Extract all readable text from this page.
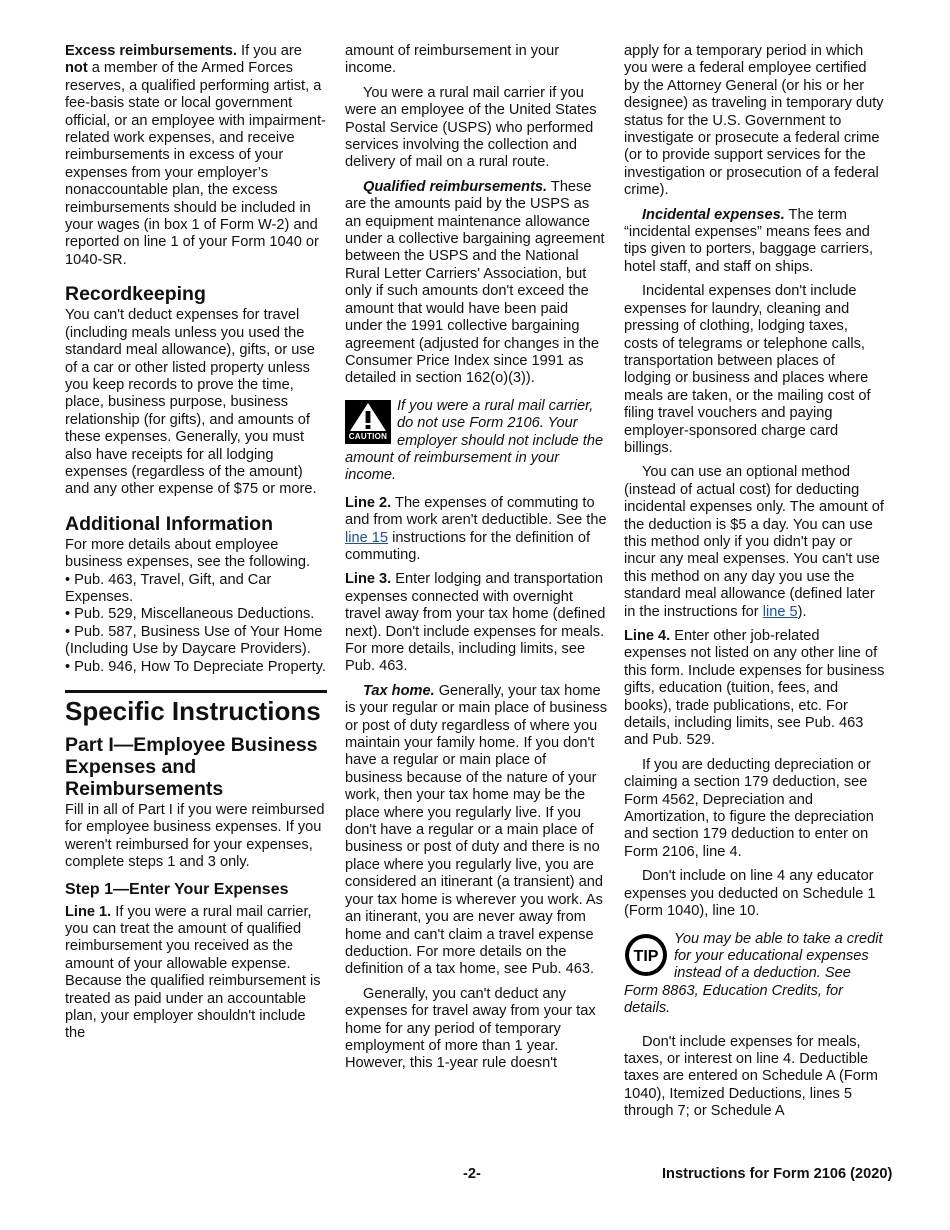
Excess reimbursements. If you are not a member of the Armed Forces reserves, a qualified performing artist, a fee-basis state or local government official, or an employee with impairment-related work expenses, and receive reimbursements in excess of your expenses from your employer’s nonaccountable plan, the excess reimbursements should be included in your wages (in box 1 of Form W-2) and reported on line 1 of your Form 1040 or 1040-SR.

Recordkeeping

You can't deduct expenses for travel (including meals unless you used the standard meal allowance), gifts, or use of a car or other listed property unless you keep records to prove the time, place, business purpose, business relationship (for gifts), and amounts of these expenses. Generally, you must also have receipts for all lodging expenses (regardless of the amount) and any other expense of $75 or more.

Additional Information

For more details about employee business expenses, see the following.

• Pub. 463, Travel, Gift, and Car Expenses.

• Pub. 529, Miscellaneous Deductions.

• Pub. 587, Business Use of Your Home (Including Use by Daycare Providers).

• Pub. 946, How To Depreciate Property.

Specific Instructions
Part I—Employee Business Expenses and Reimbursements

Fill in all of Part I if you were reimbursed for employee business expenses. If you weren't reimbursed for your expenses, complete steps 1 and 3 only.

Step 1—Enter Your Expenses

Line 1. If you were a rural mail carrier, you can treat the amount of qualified reimbursement you received as the amount of your allowable expense. Because the qualified reimbursement is treated as paid under an accountable plan, your employer shouldn't include the

amount of reimbursement in your income.

You were a rural mail carrier if you were an employee of the United States Postal Service (USPS) who performed services involving the collection and delivery of mail on a rural route.

Qualified reimbursements. These are the amounts paid by the USPS as an equipment maintenance allowance under a collective bargaining agreement between the USPS and the National Rural Letter Carriers' Association, but only if such amounts don't exceed the amount that would have been paid under the 1991 collective bargaining agreement (adjusted for changes in the Consumer Price Index since 1991 as detailed in section 162(o)(3)).

CAUTION
If you were a rural mail carrier, do not use Form 2106. Your employer should not include the amount of reimbursement in your income.

Line 2. The expenses of commuting to and from work aren't deductible. See the line 15 instructions for the definition of commuting.

Line 3. Enter lodging and transportation expenses connected with overnight travel away from your tax home (defined next). Don't include expenses for meals. For more details, including limits, see Pub. 463.

Tax home. Generally, your tax home is your regular or main place of business or post of duty regardless of where you maintain your family home. If you don't have a regular or main place of business because of the nature of your work, then your tax home may be the place where you regularly live. If you don't have a regular or a main place of business or post of duty and there is no place where you regularly live, you are considered an itinerant (a transient) and your tax home is wherever you work. As an itinerant, you are never away from home and can't claim a travel expense deduction. For more details on the definition of a tax home, see Pub. 463.

Generally, you can't deduct any expenses for travel away from your tax home for any period of temporary employment of more than 1 year. However, this 1-year rule doesn't

apply for a temporary period in which you were a federal employee certified by the Attorney General (or his or her designee) as traveling in temporary duty status for the U.S. Government to investigate or prosecute a federal crime (or to provide support services for the investigation or prosecution of a federal crime).

Incidental expenses. The term “incidental expenses” means fees and tips given to porters, baggage carriers, hotel staff, and staff on ships.

Incidental expenses don't include expenses for laundry, cleaning and pressing of clothing, lodging taxes, costs of telegrams or telephone calls, transportation between places of lodging or business and places where meals are taken, or the mailing cost of filing travel vouchers and paying employer-sponsored charge card billings.

You can use an optional method (instead of actual cost) for deducting incidental expenses only. The amount of the deduction is $5 a day. You can use this method only if you didn't pay or incur any meal expenses. You can't use this method on any day you use the standard meal allowance (defined later in the instructions for line 5).

Line 4. Enter other job-related expenses not listed on any other line of this form. Include expenses for business gifts, education (tuition, fees, and books), trade publications, etc. For details, including limits, see Pub. 463 and Pub. 529.

If you are deducting depreciation or claiming a section 179 deduction, see Form 4562, Depreciation and Amortization, to figure the depreciation and section 179 deduction to enter on Form 2106, line 4.

Don't include on line 4 any educator expenses you deducted on Schedule 1 (Form 1040), line 10.

TIP
You may be able to take a credit for your educational expenses instead of a deduction. See Form 8863, Education Credits, for details.

Don't include expenses for meals, taxes, or interest on line 4. Deductible taxes are entered on Schedule A (Form 1040), Itemized Deductions, lines 5 through 7; or Schedule A

-2-	Instructions for Form 2106 (2020)
